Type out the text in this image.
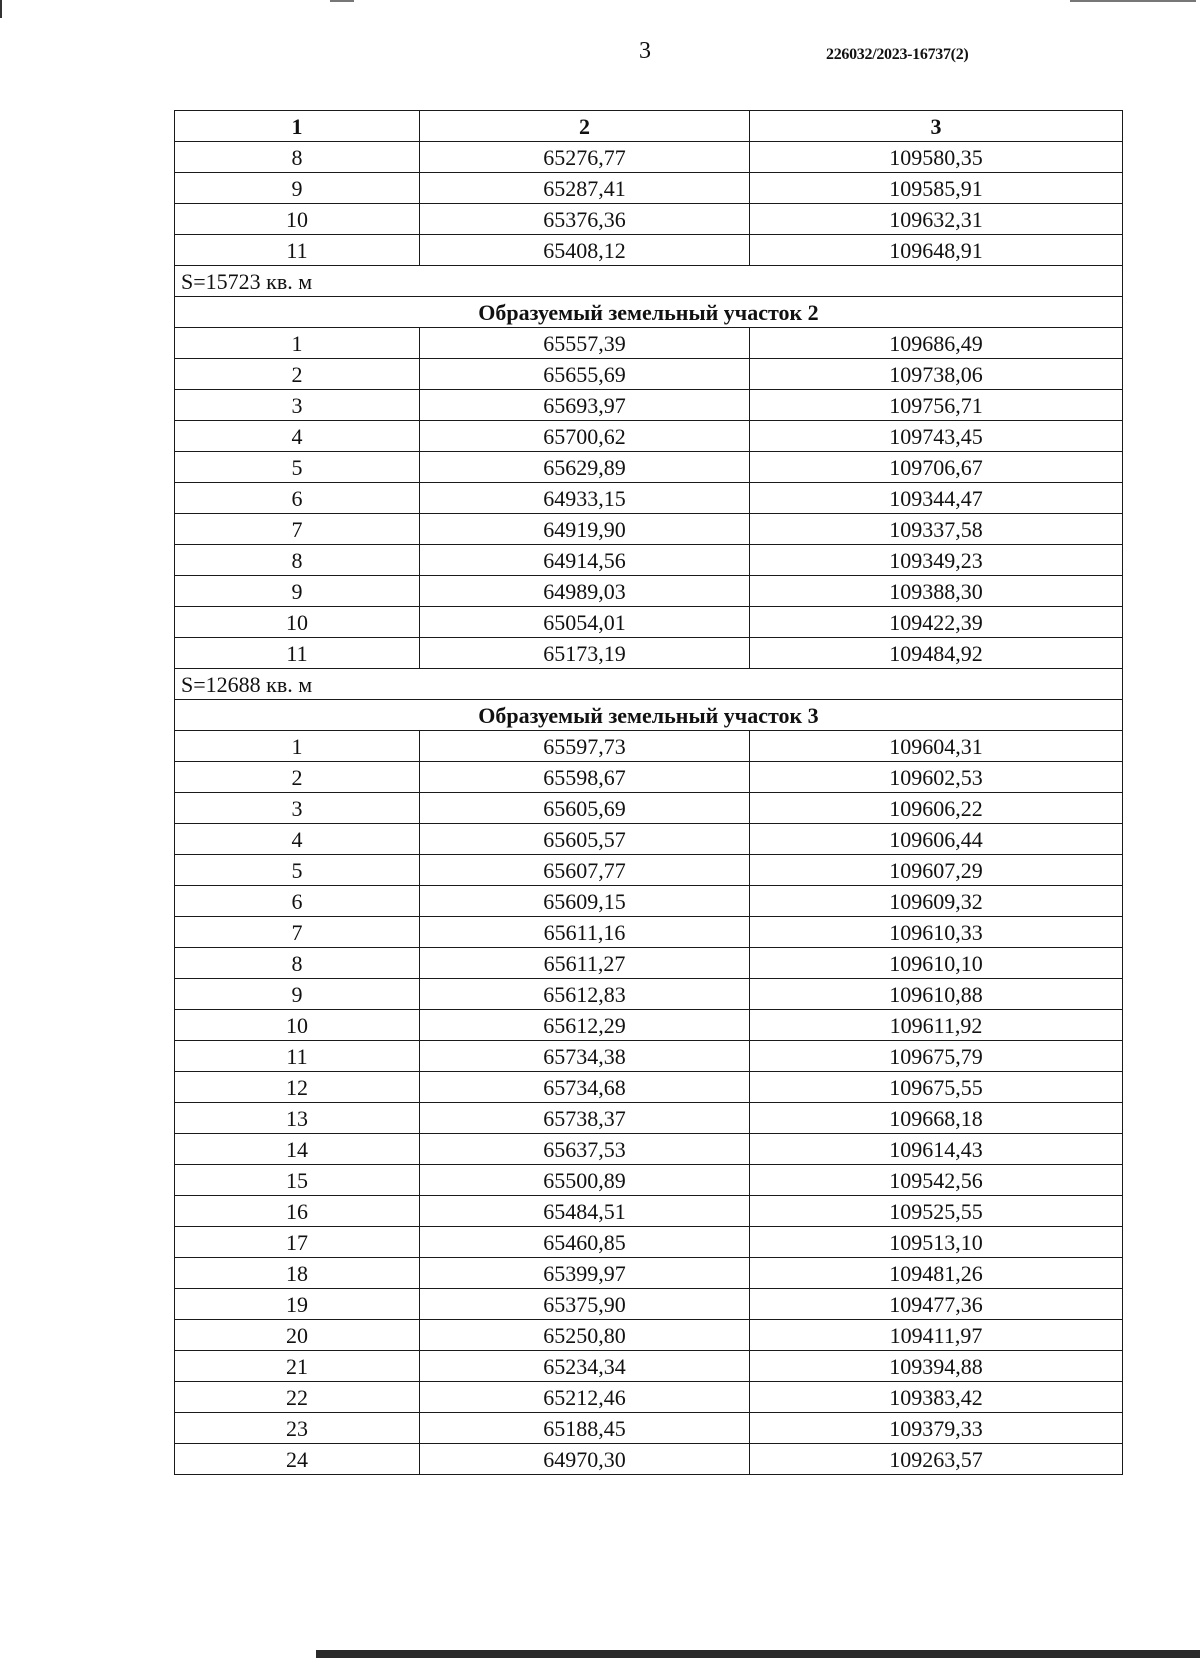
3	226032/2023-16737(2)
1	2	3
8	65276,77	109580,35
9	65287,41	109585,91
10	65376,36	109632,31
11	65408,12	109648,91
S=15723 кв. м		
Образуемый земельный участок 2		
1	65557,39	109686,49
2	65655,69	109738,06
3	65693,97	109756,71
4	65700,62	109743,45
5	65629,89	109706,67
6	64933,15	109344,47
7	64919,90	109337,58
8	64914,56	109349,23
9	64989,03	109388,30
10	65054,01	109422,39
11	65173,19	109484,92
S=12688 кв. м		
Образуемый земельный участок 3		
1	65597,73	109604,31
2	65598,67	109602,53
3	65605,69	109606,22
4	65605,57	109606,44
5	65607,77	109607,29
6	65609,15	109609,32
7	65611,16	109610,33
8	65611,27	109610,10
9	65612,83	109610,88
10	65612,29	109611,92
11	65734,38	109675,79
12	65734,68	109675,55
13	65738,37	109668,18
14	65637,53	109614,43
15	65500,89	109542,56
16	65484,51	109525,55
17	65460,85	109513,10
18	65399,97	109481,26
19	65375,90	109477,36
20	65250,80	109411,97
21	65234,34	109394,88
22	65212,46	109383,42
23	65188,45	109379,33
24	64970,30	109263,57
